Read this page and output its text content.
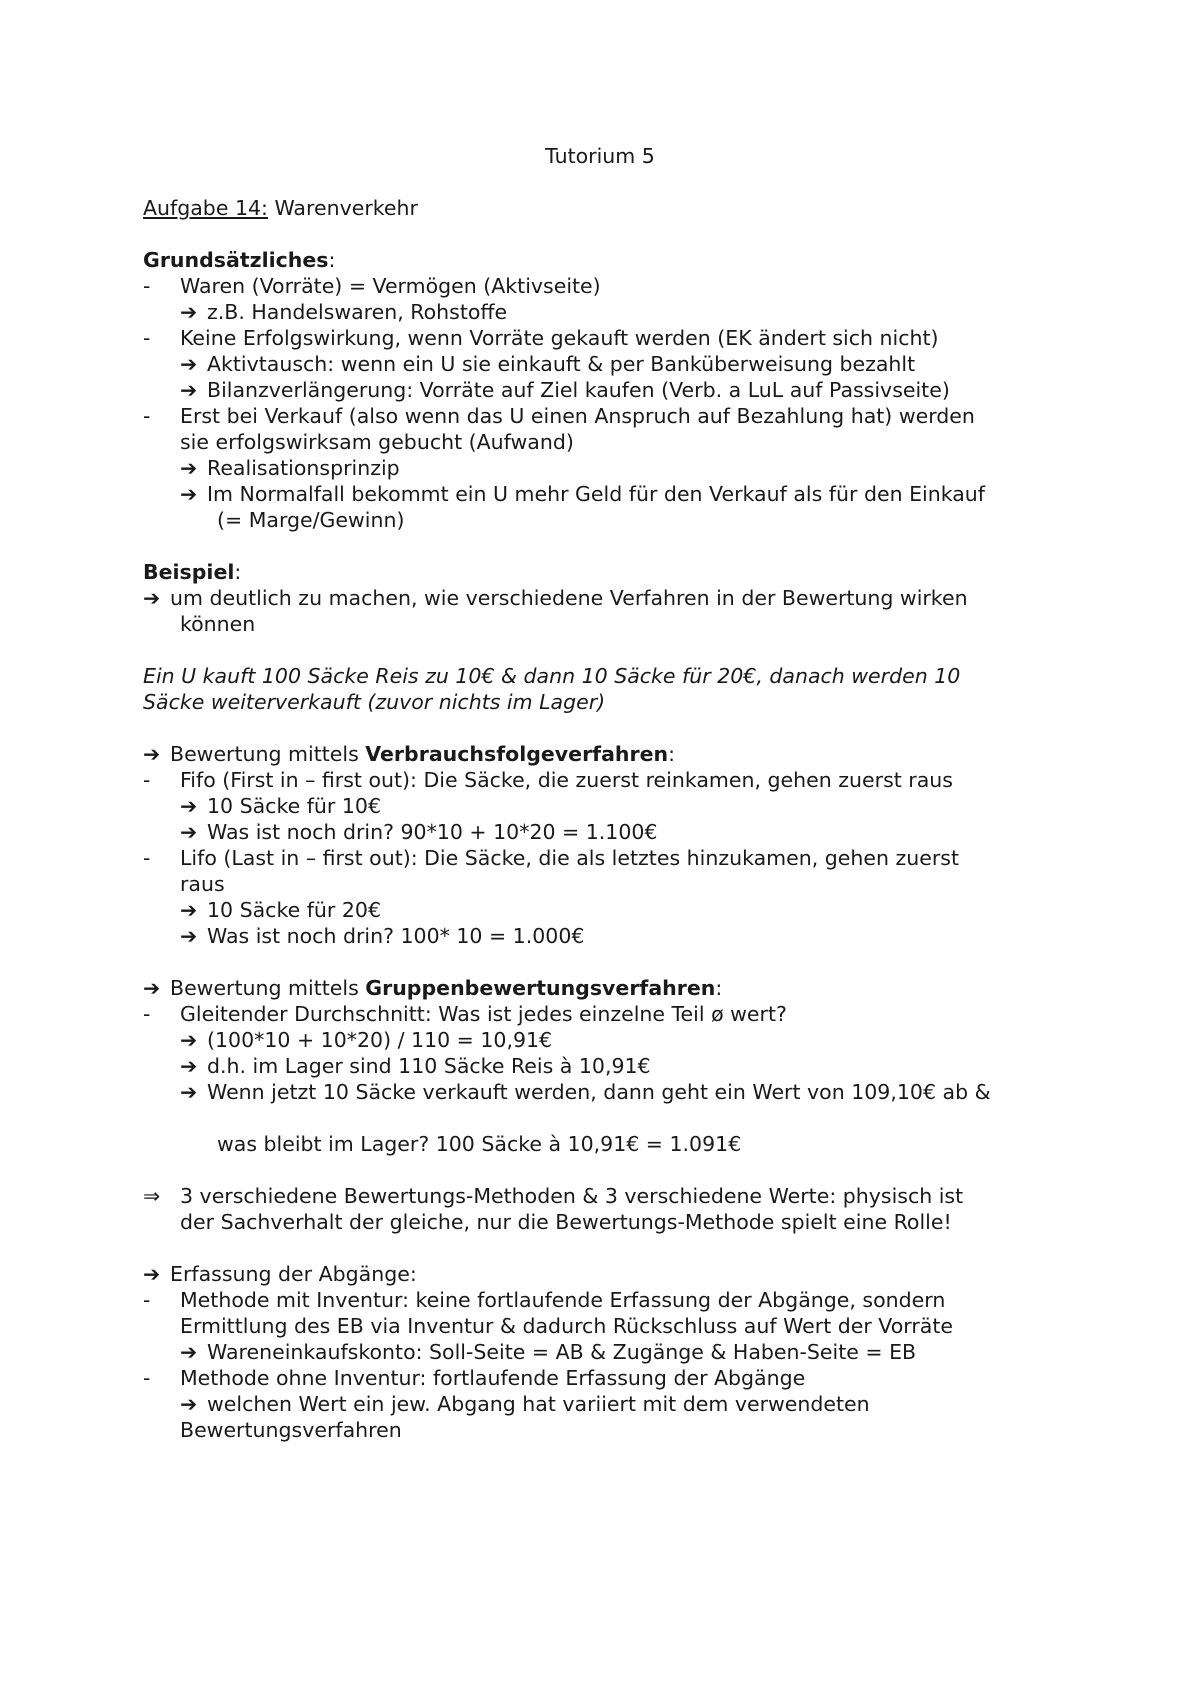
Tutorium 5
Aufgabe 14: Warenverkehr
Grundsätzliches:
- Waren (Vorräte) = Vermögen (Aktivseite)
➔ z.B. Handelswaren, Rohstoffe
- Keine Erfolgswirkung, wenn Vorräte gekauft werden (EK ändert sich nicht)
➔ Aktivtausch: wenn ein U sie einkauft & per Banküberweisung bezahlt
➔ Bilanzverlängerung: Vorräte auf Ziel kaufen (Verb. a LuL auf Passivseite)
- Erst bei Verkauf (also wenn das U einen Anspruch auf Bezahlung hat) werden
sie erfolgswirksam gebucht (Aufwand)
➔ Realisationsprinzip
➔ Im Normalfall bekommt ein U mehr Geld für den Verkauf als für den Einkauf
(= Marge/Gewinn)
Beispiel:
➔ um deutlich zu machen, wie verschiedene Verfahren in der Bewertung wirken
können
Ein U kauft 100 Säcke Reis zu 10€ & dann 10 Säcke für 20€, danach werden 10
Säcke weiterverkauft (zuvor nichts im Lager)
➔ Bewertung mittels Verbrauchsfolgeverfahren:
- Fifo (First in – first out): Die Säcke, die zuerst reinkamen, gehen zuerst raus
➔ 10 Säcke für 10€
➔ Was ist noch drin? 90*10 + 10*20 = 1.100€
- Lifo (Last in – first out): Die Säcke, die als letztes hinzukamen, gehen zuerst
raus
➔ 10 Säcke für 20€
➔ Was ist noch drin? 100* 10 = 1.000€
➔ Bewertung mittels Gruppenbewertungsverfahren:
- Gleitender Durchschnitt: Was ist jedes einzelne Teil ø wert?
➔ (100*10 + 10*20) / 110 = 10,91€
➔ d.h. im Lager sind 110 Säcke Reis à 10,91€
➔ Wenn jetzt 10 Säcke verkauft werden, dann geht ein Wert von 109,10€ ab &
was bleibt im Lager? 100 Säcke à 10,91€ = 1.091€
⇒ 3 verschiedene Bewertungs-Methoden & 3 verschiedene Werte: physisch ist
der Sachverhalt der gleiche, nur die Bewertungs-Methode spielt eine Rolle!
➔ Erfassung der Abgänge:
- Methode mit Inventur: keine fortlaufende Erfassung der Abgänge, sondern
Ermittlung des EB via Inventur & dadurch Rückschluss auf Wert der Vorräte
➔ Wareneinkaufskonto: Soll-Seite = AB & Zugänge & Haben-Seite = EB
- Methode ohne Inventur: fortlaufende Erfassung der Abgänge
➔ welchen Wert ein jew. Abgang hat variiert mit dem verwendeten
Bewertungsverfahren
